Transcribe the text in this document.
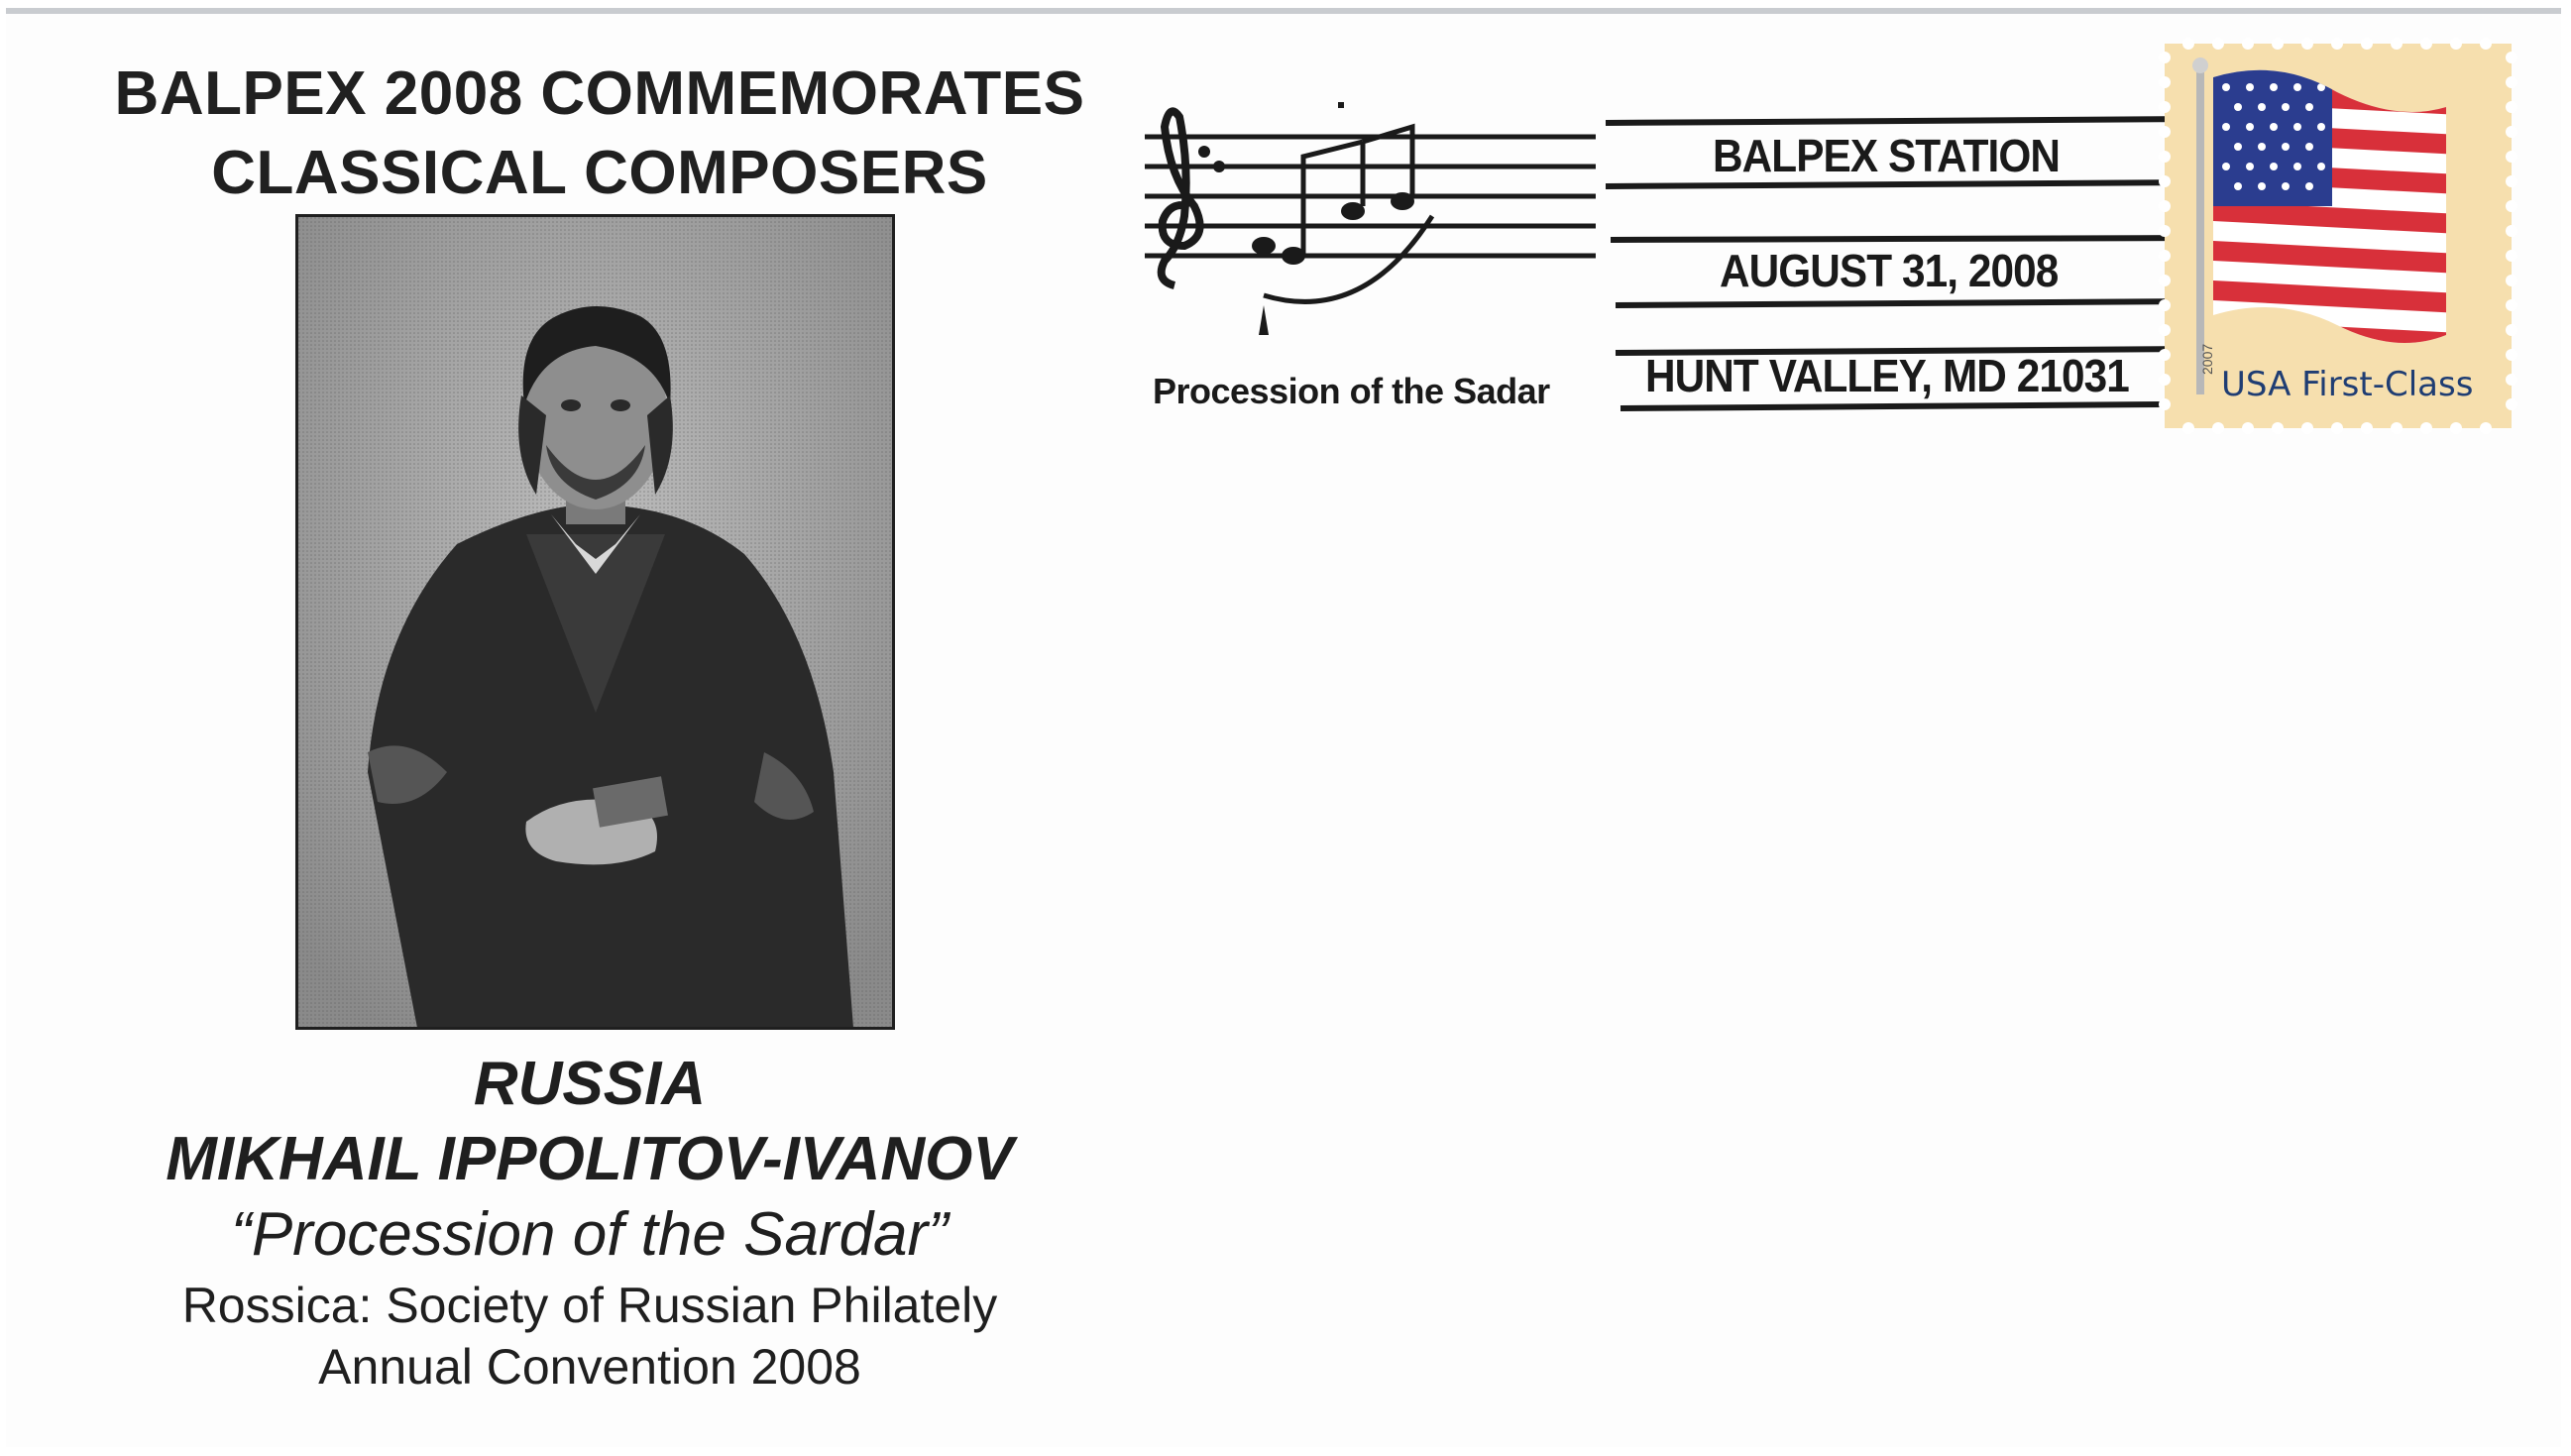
BALPEX 2008 COMMEMORATES
CLASSICAL COMPOSERS
RUSSIA
MIKHAIL IPPOLITOV-IVANOV
“Procession of the Sardar”
Rossica: Society of Russian Philately
Annual Convention 2008
Procession of the Sadar
BALPEX STATION
AUGUST 31, 2008
HUNT VALLEY, MD 21031	2007
USA First-Class
